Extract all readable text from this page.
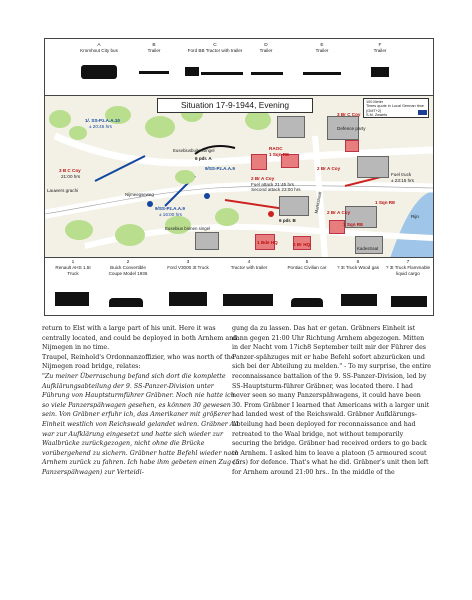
A
Kromhout City bus
B
Trailer
C
Ford BB Tractor with trailer
D
Trailer
E
Trailer
F
Trailer
Situation 17-9-1944, Evening	100 Meter
Times quote in Local German time (GMT+2)
S.M. Zwaets
Eusebiusbuitensingel
Nijmeegseweg
Eusebius binnen singel
Kadestraat
Marktstraat
1/. SS-Pz.A.A.10
± 20:45 hrs
9/SS-Pz.A.A.9
± 16:00 hrs
9/SS-Pz.A.A.9
3 B C Coy
21:00 hrs
Lauwers grachi
3 Br C Coy
Defence party
RAOC
1 Sqn RE
2 Br A Coy
Fuel attack 21:45 hrs
Second attack 23:00 hrs
6 pdr. B
6 pdr. A
2 Br A Coy
1 Sqn RE
1 Bde HQ	2 Br HQ
2 Br A Coy
Fuel truck
± 23:15 hrs
Rijn
1 Sqn RE
1
Renault AHS 1.5t Truck
2
Buick Convertible Coupe Model 1936
3
Ford V3000 3t Truck
4
Tractor with trailer
5
Pontiac Civilian car
6
? 3t Truck Wood gas
7
? 3t Truck Flammable liquid cargo

return to Elst with a large part of his unit. Here it was centrally located, and could be deployed in both Arnhem and Nijmegen in no time.

Traupel, Reinhold's Ordonnanzoffizier, who was north of the Nijmegen road bridge, relates:

"Zu meiner Überraschung befand sich dort die komplette Aufklärungsabteilung der 9. SS-Panzer-Division unter Führung von Hauptsturmführer Gräbner. Noch nie hatte ich so viele Panzerspähwagen gesehen, es können 30 gewesen sein. Von Gräbner erfuhr ich, das Amerikaner mit größerer Einheit westlich von Reichswald gelandet wären. Gräbner AA war zur Aufklärung eingesetzt und hatte sich wieder zur Waalbrücke zurückgezogen, nicht ohne die Brücke vorübergehend zu sichern. Gräbner hatte Befehl wieder nach Arnhem zurück zu fahren. Ich habe ihm gebeten einen Zug (5 Panzerspähwagen) zur Verteidi-

gung da zu lassen. Das hat er getan. Gräbners Einheit ist dann gegen 21:00 Uhr Richtung Arnhem abgezogen. Mitten in der Nacht vom 17ich8 September teilt mir der Führer des Panzer-spähzuges mit er habe Befehl sofort abzurücken und sich bei der Abteilung zu melden." - To my surprise, the entire reconnaissance battalion of the 9. SS-Panzer-Division, led by SS-Hauptsturm-führer Gräbner, was located there. I had never seen so many Panzerspähwagens, it could have been 30. From Gräbner I learned that Americans with a larger unit had landed west of the Reichswald. Gräbner Aufklärungs-Abteilung had been deployed for reconnaissance and had retreated to the Waal bridge, not without temporarily securing the bridge. Gräbner had received orders to go back to Arnhem. I asked him to leave a platoon (5 armoured scout cars) for defence. That's what he did. Gräbner's unit then left for Arnhem around 21:00 hrs.. In the middle of the
